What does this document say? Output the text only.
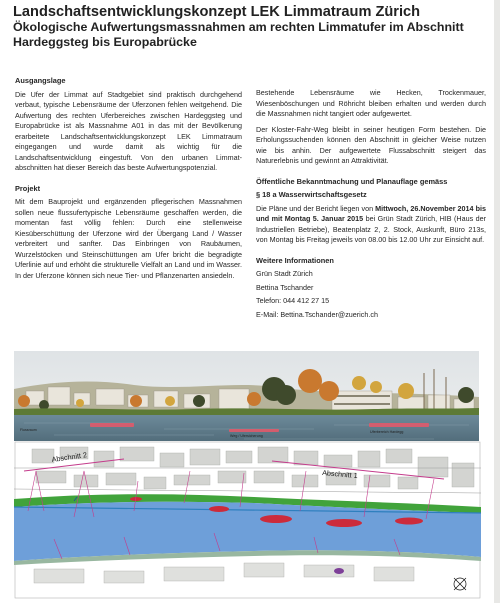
Landschaftsentwicklungskonzept LEK Limmatraum Zürich
Ökologische Aufwertungsmassnahmen am rechten Limmatufer im Abschnitt
Hardeggsteg bis Europabrücke

Ausgangslage

Die Ufer der Limmat auf Stadtgebiet sind praktisch durchgehend verbaut, typische Lebensräume der Uferzonen fehlen weitgehend. Die Aufwertung des rechten Uferbereiches zwischen Hardeggsteg und Europabrücke ist als Massnahme A01 in das mit der Bevölkerung erarbeitete Landschaftsentwicklungskonzept LEK Limmatraum eingegangen und wurde damit als wichtig für die Landschaftsentwicklung eingestuft. Von den urbanen Limmat-abschnitten hat dieser Bereich das beste Aufwertungspotenzial.

Projekt

Mit dem Bauprojekt und ergänzenden pflegerischen Massnahmen sollen neue flussufertypische Lebensräume geschaffen werden, die momentan fast völlig fehlen: Durch eine stellenweise Kiesüberschüttung der Uferzone wird der Übergang Land / Wasser verbreitert und sanfter. Das Einbringen von Raubäumen, Wurzelstöcken und Steinschüttungen am Ufer bricht die begradigte Uferlinie auf und erhöht die strukturelle Vielfalt an Land und im Wasser. In der Uferzone können sich neue Tier- und Pflanzenarten ansiedeln.

Bestehende Lebensräume wie Hecken, Trockenmauer, Wiesenböschungen und Röhricht bleiben erhalten und werden durch die Massnahmen nicht tangiert oder aufgewertet.

Der Kloster-Fahr-Weg bleibt in seiner heutigen Form bestehen. Die Erholungssuchenden können den Abschnitt in gleicher Weise nutzen wie bis anhin. Der aufgewertete Flussabschnitt steigert das Naturerlebnis und gewinnt an Attraktivität.

Öffentliche Bekanntmachung und Planauflage gemäss

§ 18 a Wasserwirtschaftsgesetz

Die Pläne und der Bericht liegen von Mittwoch, 26.November 2014 bis und mit Montag 5. Januar 2015 bei Grün Stadt Zürich, HIB (Haus der Industriellen Betriebe), Beatenplatz 2, 2. Stock, Auskunft, Büro 213s, von Montag bis Freitag jeweils von 08.00 bis 12.00 Uhr zur Einsicht auf.

Weitere Informationen

Grün Stadt Zürich

Bettina Tschander

Telefon: 044 412 27 15

E-Mail: Bettina.Tschander@zuerich.ch

Flussraum
Weg / Ufersicherung
Uferbereich Hardegg
Abschnitt 2
Abschnitt 1
